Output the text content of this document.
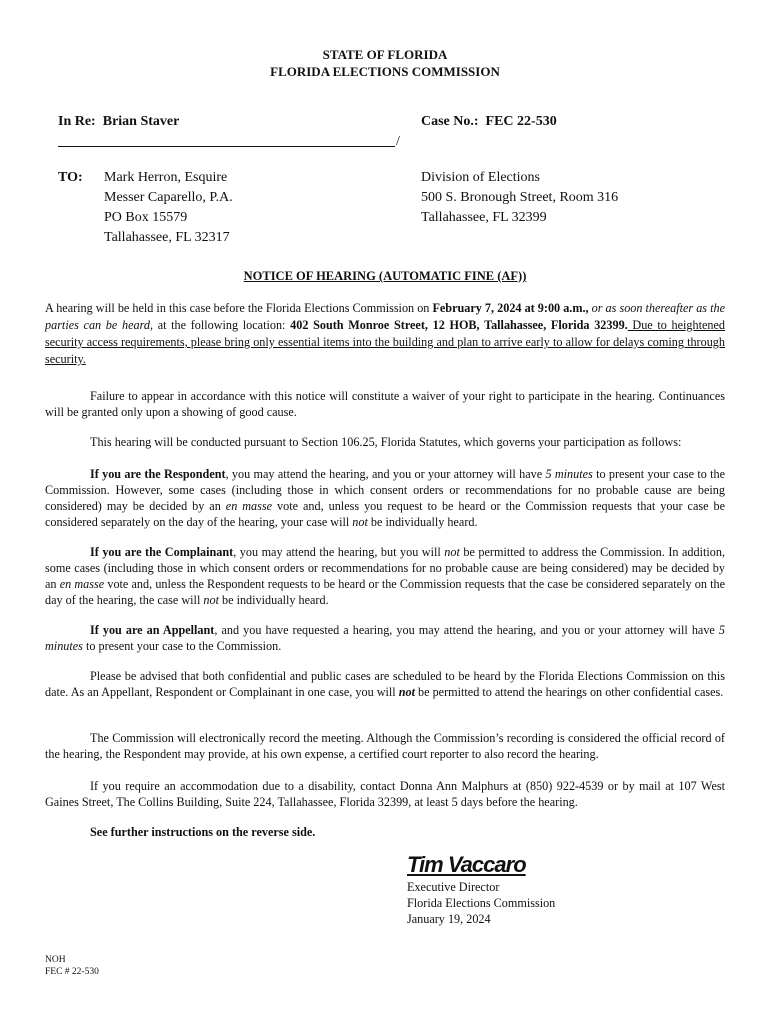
STATE OF FLORIDA
FLORIDA ELECTIONS COMMISSION
In Re: Brian Staver
/
Case No.: FEC 22-530
TO: Mark Herron, Esquire
Messer Caparello, P.A.
PO Box 15579
Tallahassee, FL 32317
Division of Elections
500 S. Bronough Street, Room 316
Tallahassee, FL 32399
NOTICE OF HEARING (AUTOMATIC FINE (AF))
A hearing will be held in this case before the Florida Elections Commission on February 7, 2024 at 9:00 a.m., or as soon thereafter as the parties can be heard, at the following location: 402 South Monroe Street, 12 HOB, Tallahassee, Florida 32399. Due to heightened security access requirements, please bring only essential items into the building and plan to arrive early to allow for delays coming through security.
Failure to appear in accordance with this notice will constitute a waiver of your right to participate in the hearing. Continuances will be granted only upon a showing of good cause.
This hearing will be conducted pursuant to Section 106.25, Florida Statutes, which governs your participation as follows:
If you are the Respondent, you may attend the hearing, and you or your attorney will have 5 minutes to present your case to the Commission. However, some cases (including those in which consent orders or recommendations for no probable cause are being considered) may be decided by an en masse vote and, unless you request to be heard or the Commission requests that your case be considered separately on the day of the hearing, your case will not be individually heard.
If you are the Complainant, you may attend the hearing, but you will not be permitted to address the Commission. In addition, some cases (including those in which consent orders or recommendations for no probable cause are being considered) may be decided by an en masse vote and, unless the Respondent requests to be heard or the Commission requests that the case be considered separately on the day of the hearing, the case will not be individually heard.
If you are an Appellant, and you have requested a hearing, you may attend the hearing, and you or your attorney will have 5 minutes to present your case to the Commission.
Please be advised that both confidential and public cases are scheduled to be heard by the Florida Elections Commission on this date. As an Appellant, Respondent or Complainant in one case, you will not be permitted to attend the hearings on other confidential cases.
The Commission will electronically record the meeting. Although the Commission’s recording is considered the official record of the hearing, the Respondent may provide, at his own expense, a certified court reporter to also record the hearing.
If you require an accommodation due to a disability, contact Donna Ann Malphurs at (850) 922-4539 or by mail at 107 West Gaines Street, The Collins Building, Suite 224, Tallahassee, Florida 32399, at least 5 days before the hearing.
See further instructions on the reverse side.
Tim Vaccaro
Executive Director
Florida Elections Commission
January 19, 2024
NOH
FEC # 22-530
